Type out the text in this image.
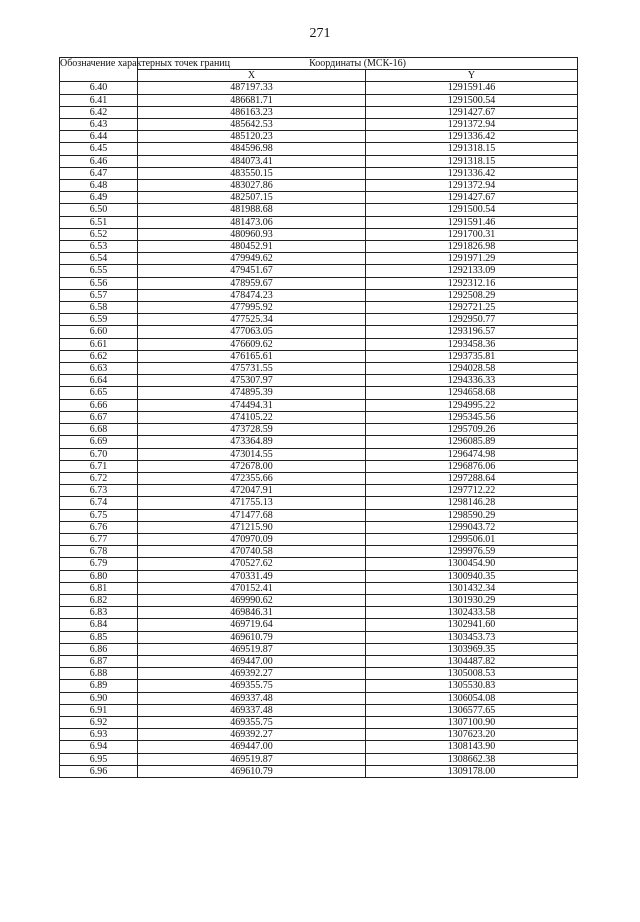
271
Обозначение характерных точек границ	Координаты (МСК-16)	
	X	Y
6.40	487197.33	1291591.46
6.41	486681.71	1291500.54
6.42	486163.23	1291427.67
6.43	485642.53	1291372.94
6.44	485120.23	1291336.42
6.45	484596.98	1291318.15
6.46	484073.41	1291318.15
6.47	483550.15	1291336.42
6.48	483027.86	1291372.94
6.49	482507.15	1291427.67
6.50	481988.68	1291500.54
6.51	481473.06	1291591.46
6.52	480960.93	1291700.31
6.53	480452.91	1291826.98
6.54	479949.62	1291971.29
6.55	479451.67	1292133.09
6.56	478959.67	1292312.16
6.57	478474.23	1292508.29
6.58	477995.92	1292721.25
6.59	477525.34	1292950.77
6.60	477063.05	1293196.57
6.61	476609.62	1293458.36
6.62	476165.61	1293735.81
6.63	475731.55	1294028.58
6.64	475307.97	1294336.33
6.65	474895.39	1294658.68
6.66	474494.31	1294995.22
6.67	474105.22	1295345.56
6.68	473728.59	1295709.26
6.69	473364.89	1296085.89
6.70	473014.55	1296474.98
6.71	472678.00	1296876.06
6.72	472355.66	1297288.64
6.73	472047.91	1297712.22
6.74	471755.13	1298146.28
6.75	471477.68	1298590.29
6.76	471215.90	1299043.72
6.77	470970.09	1299506.01
6.78	470740.58	1299976.59
6.79	470527.62	1300454.90
6.80	470331.49	1300940.35
6.81	470152.41	1301432.34
6.82	469990.62	1301930.29
6.83	469846.31	1302433.58
6.84	469719.64	1302941.60
6.85	469610.79	1303453.73
6.86	469519.87	1303969.35
6.87	469447.00	1304487.82
6.88	469392.27	1305008.53
6.89	469355.75	1305530.83
6.90	469337.48	1306054.08
6.91	469337.48	1306577.65
6.92	469355.75	1307100.90
6.93	469392.27	1307623.20
6.94	469447.00	1308143.90
6.95	469519.87	1308662.38
6.96	469610.79	1309178.00
